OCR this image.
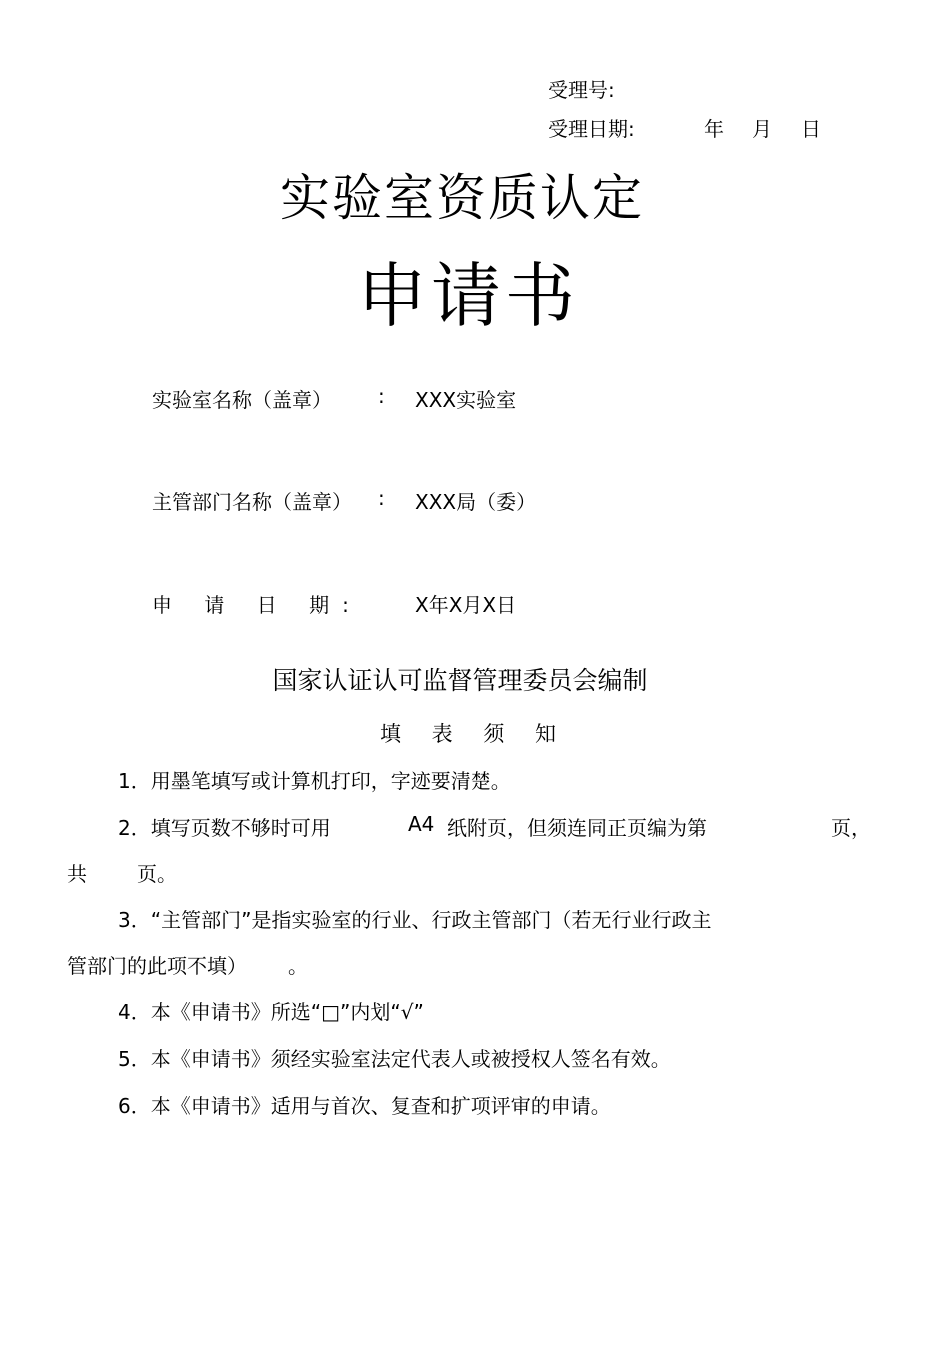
受理号:
受理日期:	年 月 日
实验室资质认定
申请书
实验室名称（盖章） : XXX实验室
主管部门名称（盖章） : XXX局（委）
申 请 日 期:	X年X月X日
国家认证认可监督管理委员会编制
填 表 须 知
1．用墨笔填写或计算机打印，字迹要清楚。
2．填写页数不够时可用	A4 纸附页，但须连同正页编为第	页，
共	页。
3．“主管部门”是指实验室的行业、行政主管部门（若无行业行政主
管部门的此项不填） 。
4．本《申请书》所选“□”内划“√”
5．本《申请书》须经实验室法定代表人或被授权人签名有效。
6．本《申请书》适用与首次、复查和扩项评审的申请。
